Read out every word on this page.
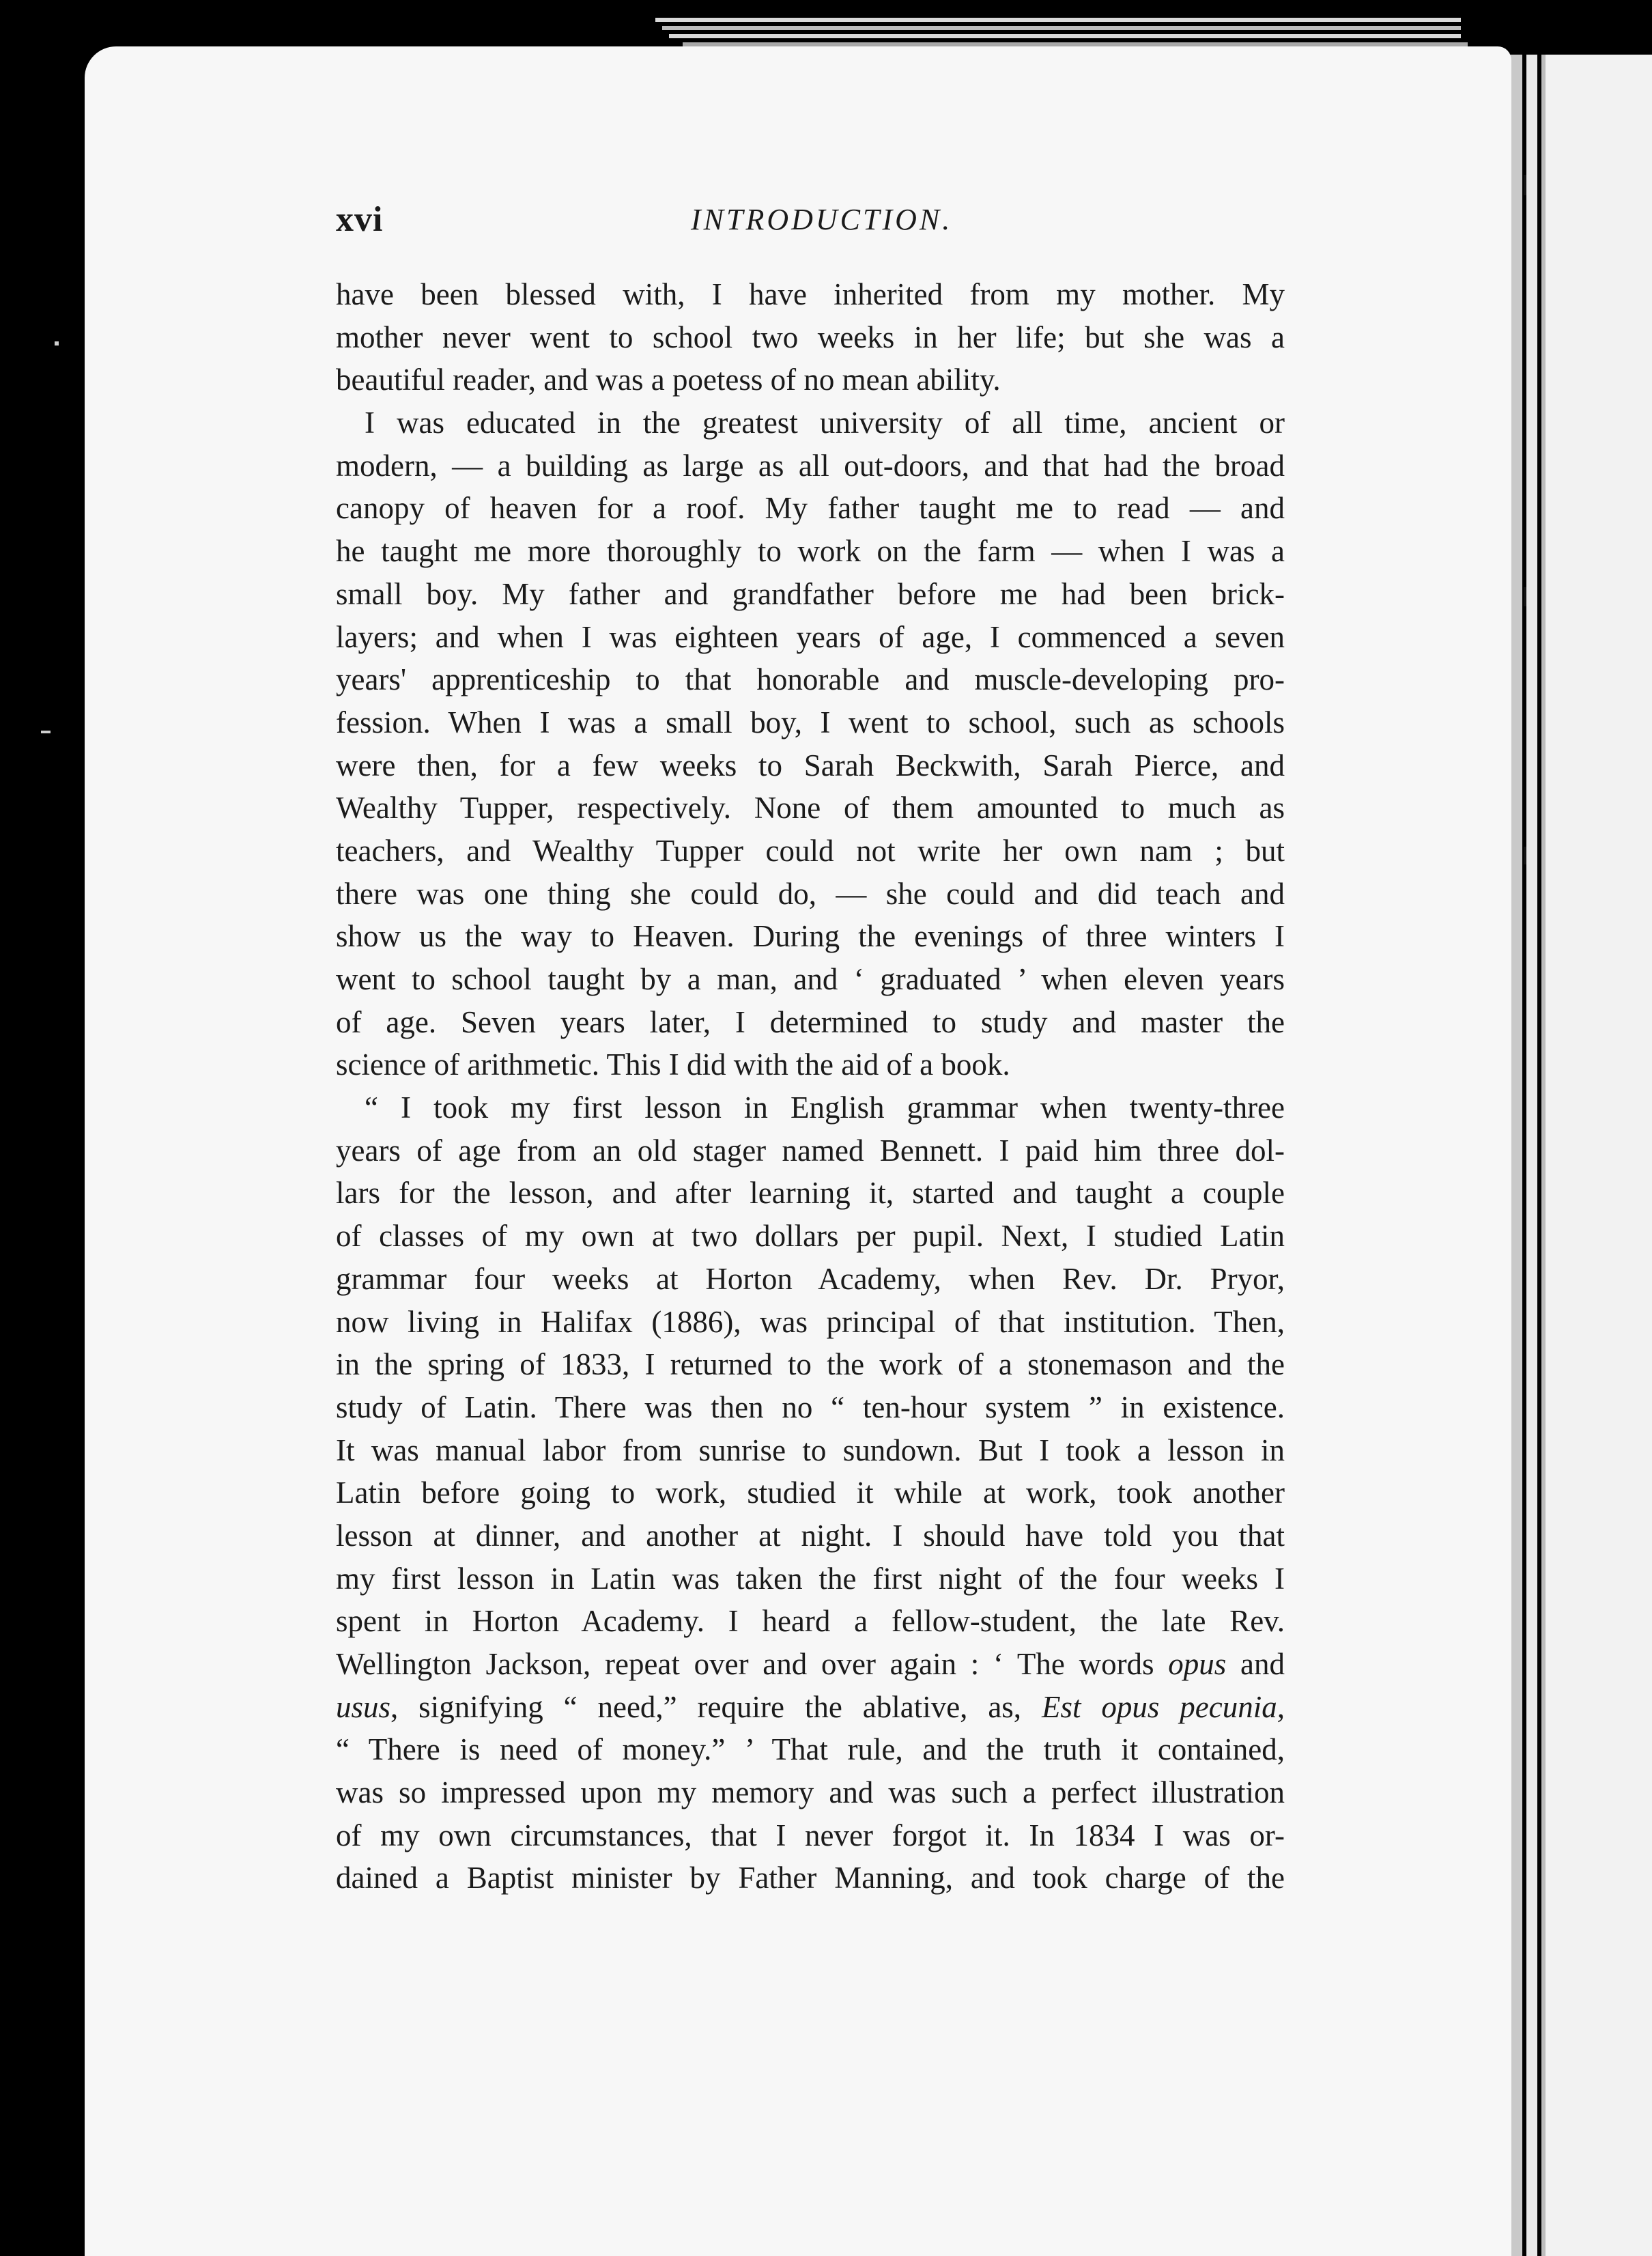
xvi	INTRODUCTION.
have been blessed with, I have inherited from my mother. My
mother never went to school two weeks in her life; but she was a
beautiful reader, and was a poetess of no mean ability.
I was educated in the greatest university of all time, ancient or
modern, — a building as large as all out-doors, and that had the broad
canopy of heaven for a roof. My father taught me to read — and
he taught me more thoroughly to work on the farm — when I was a
small boy. My father and grandfather before me had been brick-
layers; and when I was eighteen years of age, I commenced a seven
years' apprenticeship to that honorable and muscle-developing pro-
fession. When I was a small boy, I went to school, such as schools
were then, for a few weeks to Sarah Beckwith, Sarah Pierce, and
Wealthy Tupper, respectively. None of them amounted to much as
teachers, and Wealthy Tupper could not write her own nam ; but
there was one thing she could do, — she could and did teach and
show us the way to Heaven. During the evenings of three winters I
went to school taught by a man, and ‘ graduated ’ when eleven years
of age. Seven years later, I determined to study and master the
science of arithmetic. This I did with the aid of a book.
“ I took my first lesson in English grammar when twenty-three
years of age from an old stager named Bennett. I paid him three dol-
lars for the lesson, and after learning it, started and taught a couple
of classes of my own at two dollars per pupil. Next, I studied Latin
grammar four weeks at Horton Academy, when Rev. Dr. Pryor,
now living in Halifax (1886), was principal of that institution. Then,
in the spring of 1833, I returned to the work of a stonemason and the
study of Latin. There was then no “ ten-hour system ” in existence.
It was manual labor from sunrise to sundown. But I took a lesson in
Latin before going to work, studied it while at work, took another
lesson at dinner, and another at night. I should have told you that
my first lesson in Latin was taken the first night of the four weeks I
spent in Horton Academy. I heard a fellow-student, the late Rev.
Wellington Jackson, repeat over and over again : ‘ The words opus and
usus, signifying “ need,” require the ablative, as, Est opus pecunia,
“ There is need of money.” ’ That rule, and the truth it contained,
was so impressed upon my memory and was such a perfect illustration
of my own circumstances, that I never forgot it. In 1834 I was or-
dained a Baptist minister by Father Manning, and took charge of the
